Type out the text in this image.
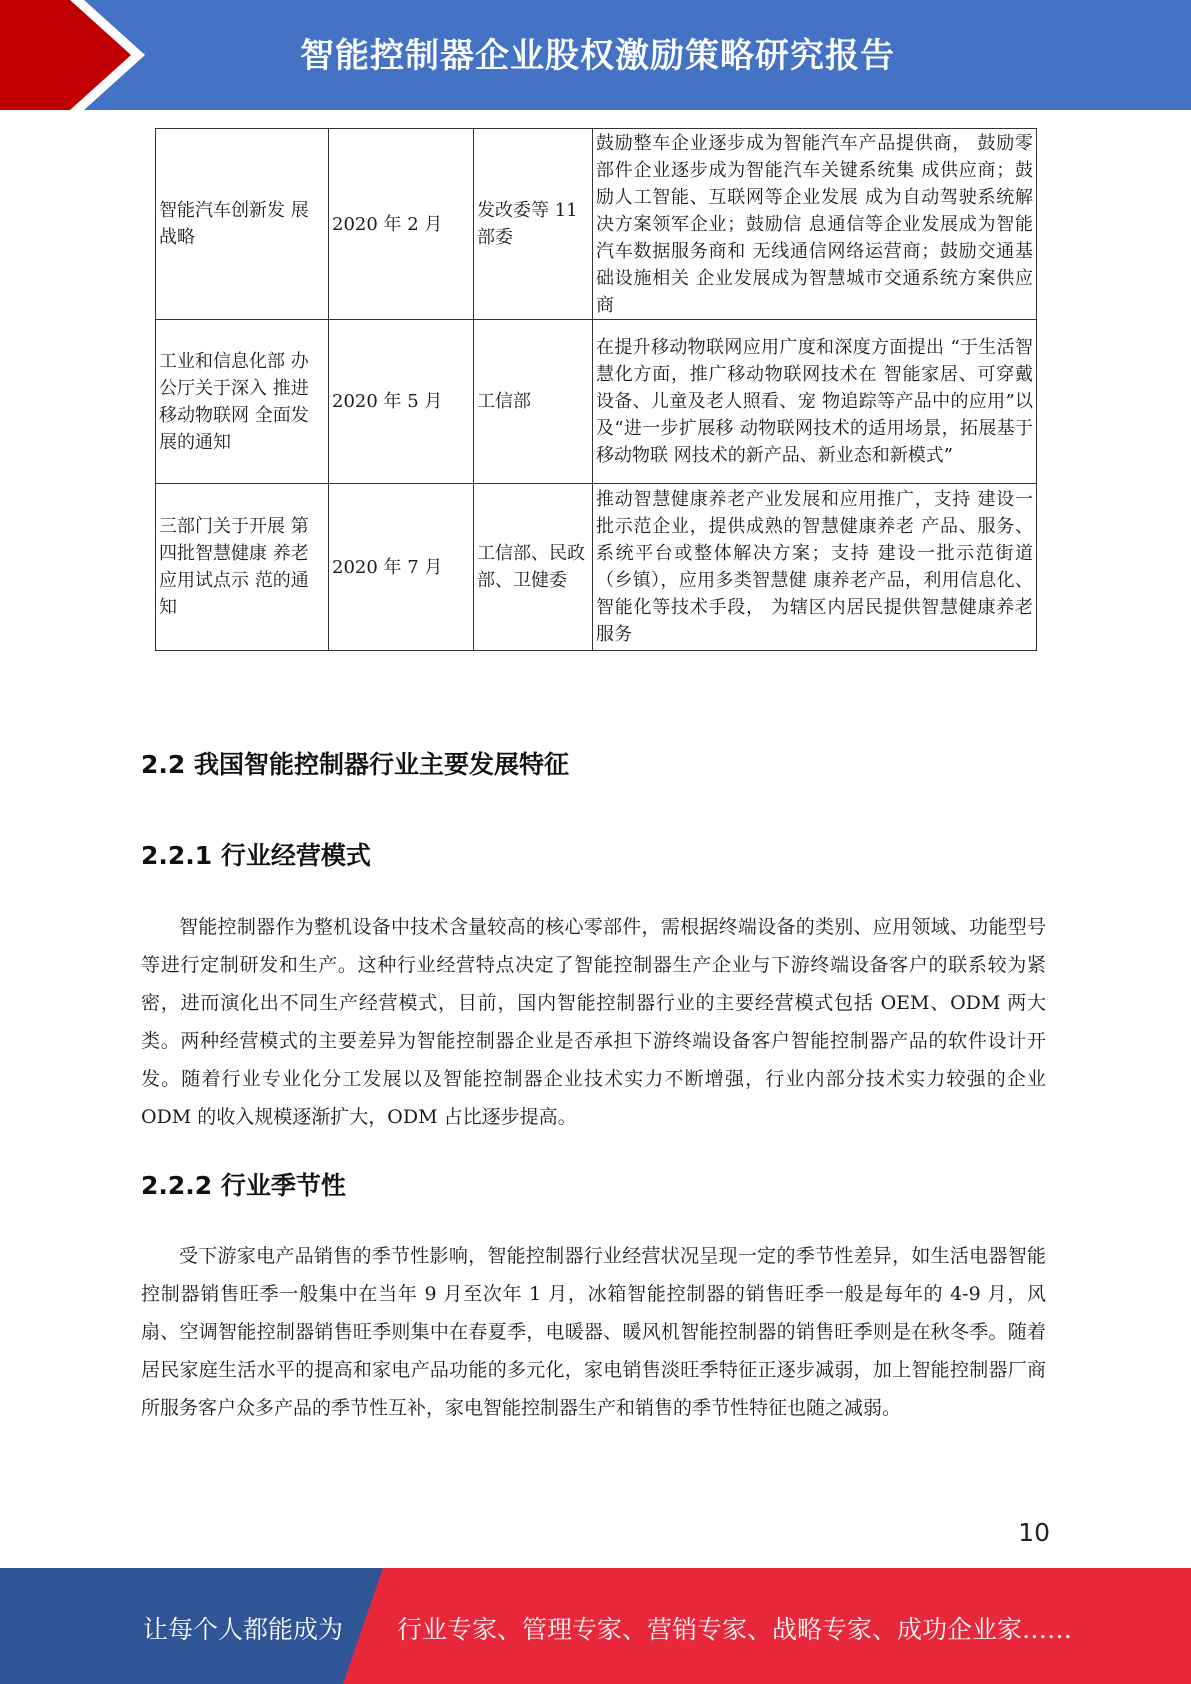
智能控制器企业股权激励策略研究报告
智能汽车创新发 展战略	2020 年 2 月	发改委等 11 部委	鼓励整车企业逐步成为智能汽车产品提供商， 鼓励零部件企业逐步成为智能汽车关键系统集 成供应商；鼓励人工智能、互联网等企业发展 成为自动驾驶系统解决方案领军企业；鼓励信 息通信等企业发展成为智能汽车数据服务商和 无线通信网络运营商；鼓励交通基础设施相关 企业发展成为智慧城市交通系统方案供应商
工业和信息化部 办公厅关于深入 推进移动物联网 全面发展的通知	2020 年 5 月	工信部	在提升移动物联网应用广度和深度方面提出 “于生活智慧化方面，推广移动物联网技术在 智能家居、可穿戴设备、儿童及老人照看、宠 物追踪等产品中的应用”以及“进一步扩展移 动物联网技术的适用场景，拓展基于移动物联 网技术的新产品、新业态和新模式”
三部门关于开展 第四批智慧健康 养老应用试点示 范的通知	2020 年 7 月	工信部、民政部、卫健委	推动智慧健康养老产业发展和应用推广，支持 建设一批示范企业，提供成熟的智慧健康养老 产品、服务、系统平台或整体解决方案；支持 建设一批示范街道（乡镇），应用多类智慧健 康养老产品，利用信息化、智能化等技术手段， 为辖区内居民提供智慧健康养老服务
2.2 我国智能控制器行业主要发展特征
2.2.1 行业经营模式

智能控制器作为整机设备中技术含量较高的核心零部件，需根据终端设备的类别、应用领域、功能型号等进行定制研发和生产。这种行业经营特点决定了智能控制器生产企业与下游终端设备客户的联系较为紧密，进而演化出不同生产经营模式，目前，国内智能控制器行业的主要经营模式包括 OEM、ODM 两大类。两种经营模式的主要差异为智能控制器企业是否承担下游终端设备客户智能控制器产品的软件设计开发。随着行业专业化分工发展以及智能控制器企业技术实力不断增强，行业内部分技术实力较强的企业 ODM 的收入规模逐渐扩大，ODM 占比逐步提高。

2.2.2 行业季节性

受下游家电产品销售的季节性影响，智能控制器行业经营状况呈现一定的季节性差异，如生活电器智能控制器销售旺季一般集中在当年 9 月至次年 1 月，冰箱智能控制器的销售旺季一般是每年的 4-9 月，风扇、空调智能控制器销售旺季则集中在春夏季，电暖器、暖风机智能控制器的销售旺季则是在秋冬季。随着居民家庭生活水平的提高和家电产品功能的多元化，家电销售淡旺季特征正逐步减弱，加上智能控制器厂商所服务客户众多产品的季节性互补，家电智能控制器生产和销售的季节性特征也随之减弱。

10
让每个人都能成为 行业专家、管理专家、营销专家、战略专家、成功企业家……
